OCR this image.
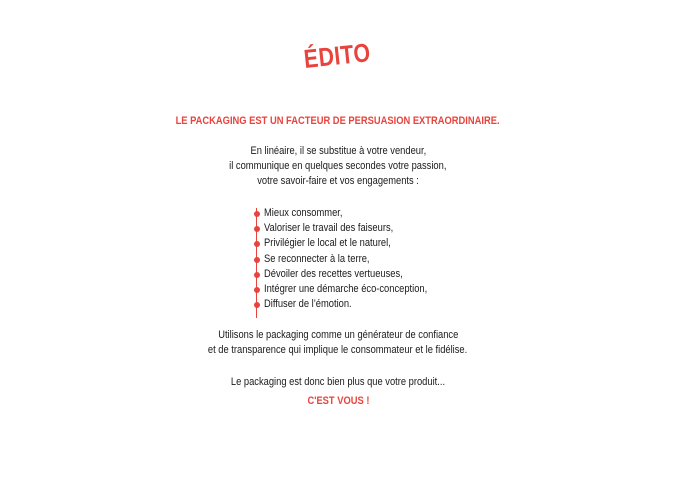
ÉDITO
LE PACKAGING EST UN FACTEUR DE PERSUASION EXTRAORDINAIRE.
En linéaire, il se substitue à votre vendeur,
il communique en quelques secondes votre passion,
votre savoir-faire et vos engagements :
Mieux consommer,
Valoriser le travail des faiseurs,
Privilégier le local et le naturel,
Se reconnecter à la terre,
Dévoiler des recettes vertueuses,
Intégrer une démarche éco-conception,
Diffuser de l’émotion.
Utilisons le packaging comme un générateur de confiance
et de transparence qui implique le consommateur et le fidélise.
Le packaging est donc bien plus que votre produit...
C'EST VOUS !
